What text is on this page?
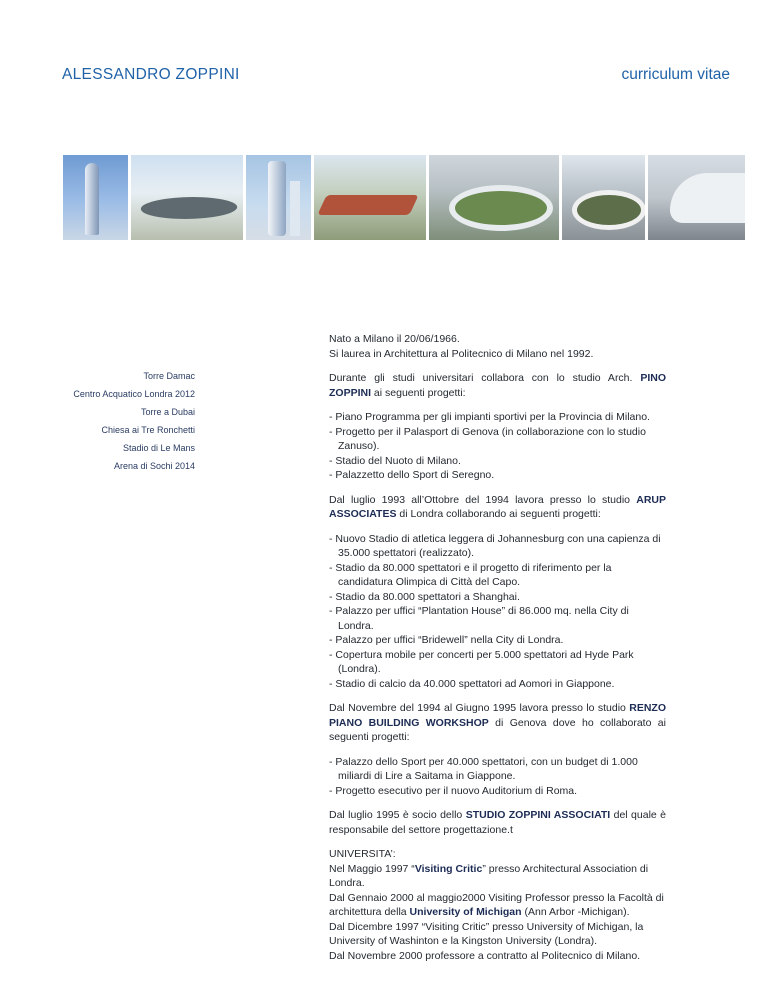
ALESSANDRO ZOPPINI	curriculum vitae
Torre Damac
Centro Acquatico Londra 2012
Torre a Dubai
Chiesa ai Tre Ronchetti
Stadio di Le Mans
Arena di Sochi 2014

Nato a Milano il 20/06/1966.
Si laurea in Architettura al Politecnico di Milano nel 1992.

Durante gli studi universitari collabora con lo studio Arch. PINO ZOPPINI ai seguenti progetti:

- Piano Programma per gli impianti sportivi per la Provincia di Milano.
- Progetto per il Palasport di Genova (in collaborazione con lo studio Zanuso).
- Stadio del Nuoto di Milano.
- Palazzetto dello Sport di Seregno.

Dal luglio 1993 all’Ottobre del 1994 lavora presso lo studio ARUP ASSOCIATES di Londra collaborando ai seguenti progetti:

- Nuovo Stadio di atletica leggera di Johannesburg con una capienza di 35.000 spettatori (realizzato).
- Stadio da 80.000 spettatori e il progetto di riferimento per la candidatura Olimpica di Città del Capo.
- Stadio da 80.000 spettatori a Shanghai.
- Palazzo per uffici “Plantation House” di 86.000 mq. nella City di Londra.
- Palazzo per uffici “Bridewell” nella City di Londra.
- Copertura mobile per concerti per 5.000 spettatori ad Hyde Park (Londra).
- Stadio di calcio da 40.000 spettatori ad Aomori in Giappone.

Dal Novembre del 1994 al Giugno 1995 lavora presso lo studio RENZO PIANO BUILDING WORKSHOP di Genova dove ho collaborato ai seguenti progetti:

- Palazzo dello Sport per 40.000 spettatori, con un budget di 1.000 miliardi di Lire a Saitama in Giappone.
- Progetto esecutivo per il nuovo Auditorium di Roma.

Dal luglio 1995 è socio dello STUDIO ZOPPINI ASSOCIATI del quale è responsabile del settore progettazione.t

UNIVERSITA’:
Nel Maggio 1997 “Visiting Critic” presso Architectural Association di Londra.
Dal Gennaio 2000 al maggio2000 Visiting Professor presso la Facoltà di architettura della University of Michigan (Ann Arbor -Michigan).
Dal Dicembre 1997 “Visiting Critic” presso University of Michigan, la University of Washinton e la Kingston University (Londra).
Dal Novembre 2000 professore a contratto al Politecnico di Milano.
